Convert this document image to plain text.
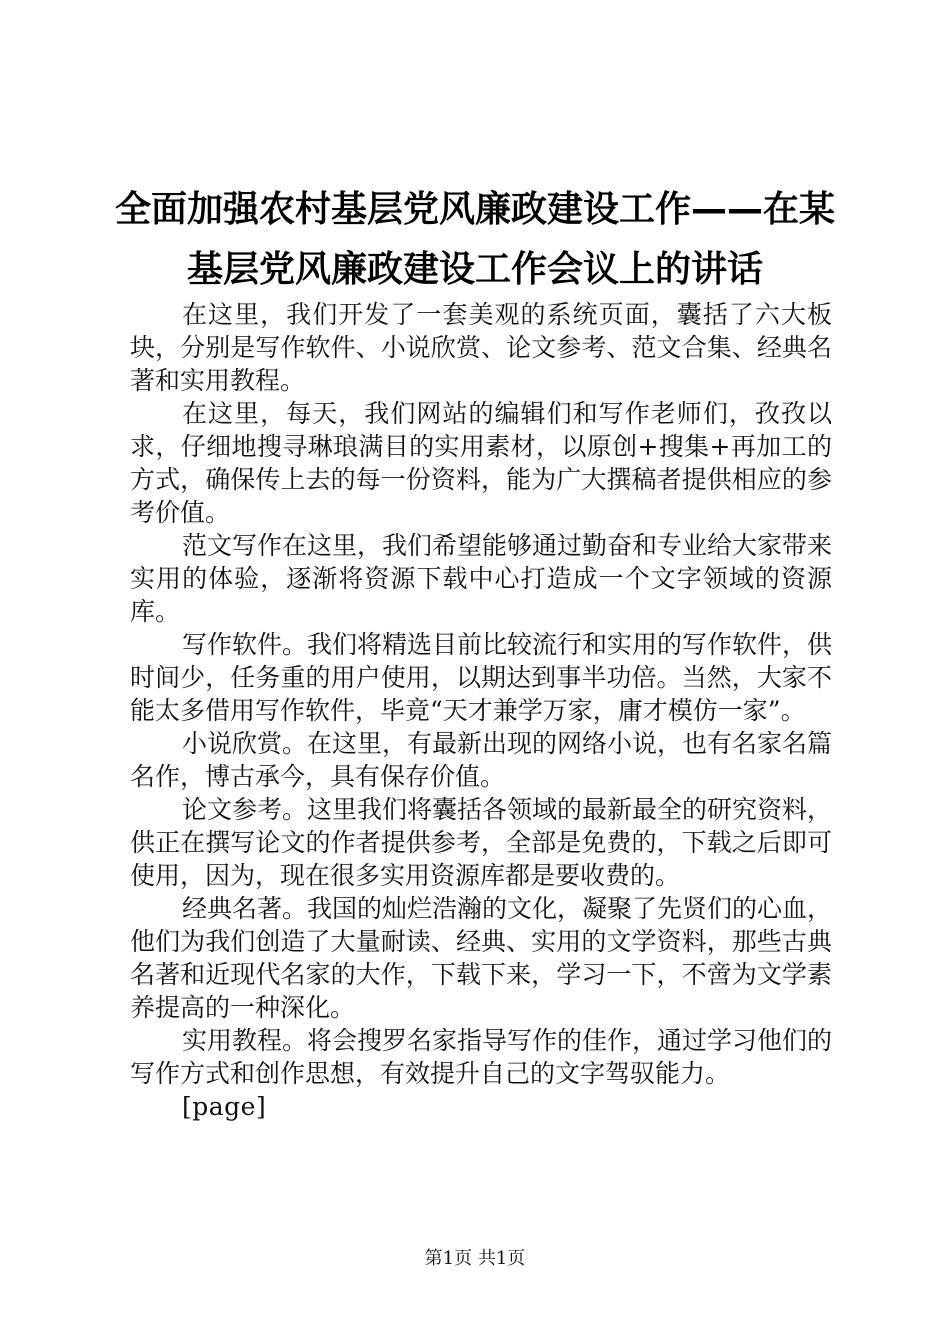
全面加强农村基层党风廉政建设工作——在某
基层党风廉政建设工作会议上的讲话

在这里，我们开发了一套美观的系统页面，囊括了六大板块，分别是写作软件、小说欣赏、论文参考、范文合集、经典名著和实用教程。

在这里，每天，我们网站的编辑们和写作老师们，孜孜以求，仔细地搜寻琳琅满目的实用素材，以原创+搜集+再加工的方式，确保传上去的每一份资料，能为广大撰稿者提供相应的参考价值。

范文写作在这里，我们希望能够通过勤奋和专业给大家带来实用的体验，逐渐将资源下载中心打造成一个文字领域的资源库。

写作软件。我们将精选目前比较流行和实用的写作软件，供时间少，任务重的用户使用，以期达到事半功倍。当然，大家不能太多借用写作软件，毕竟“天才兼学万家，庸才模仿一家”。

小说欣赏。在这里，有最新出现的网络小说，也有名家名篇名作，博古承今，具有保存价值。

论文参考。这里我们将囊括各领域的最新最全的研究资料，供正在撰写论文的作者提供参考，全部是免费的，下载之后即可使用，因为，现在很多实用资源库都是要收费的。

经典名著。我国的灿烂浩瀚的文化，凝聚了先贤们的心血，他们为我们创造了大量耐读、经典、实用的文学资料，那些古典名著和近现代名家的大作，下载下来，学习一下，不啻为文学素养提高的一种深化。

实用教程。将会搜罗名家指导写作的佳作，通过学习他们的写作方式和创作思想，有效提升自己的文字驾驭能力。

[page]

第1页 共1页
